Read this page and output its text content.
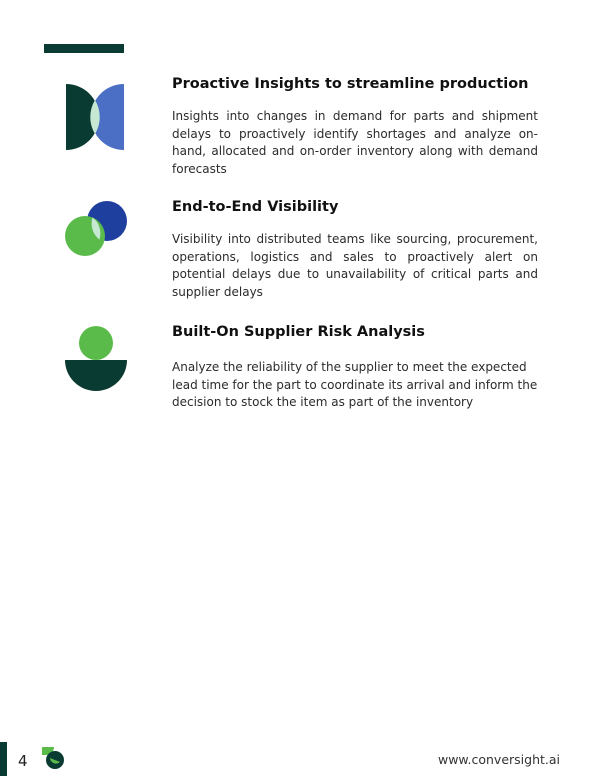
Proactive Insights to streamline production
Insights into changes in demand for parts and shipment delays to proactively identify shortages and analyze on-hand, allocated and on-order inventory along with demand forecasts
End-to-End Visibility
Visibility into distributed teams like sourcing, procurement, operations, logistics and sales to proactively alert on potential delays due to unavailability of critical parts and supplier delays
Built-On Supplier Risk Analysis
Analyze the reliability of the supplier to meet the expected lead time for the part to coordinate its arrival and inform the decision to stock the item as part of the inventory
4	www.conversight.ai
